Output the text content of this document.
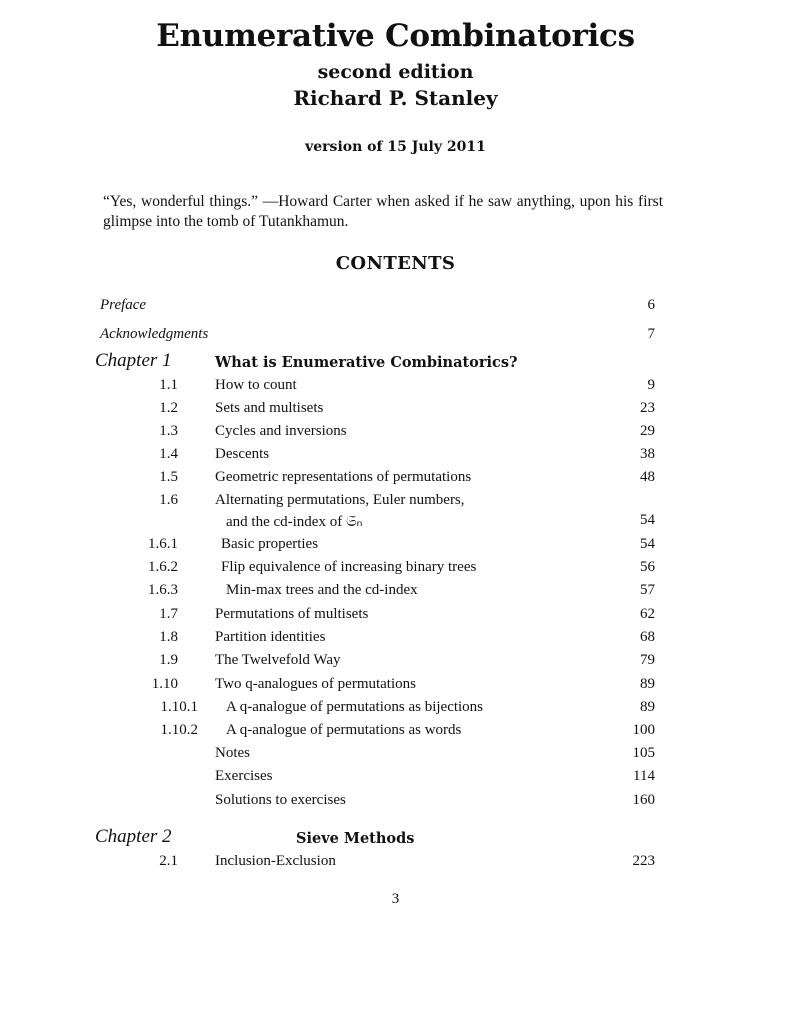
Enumerative Combinatorics
second edition
Richard P. Stanley
version of 15 July 2011
“Yes, wonderful things.” —Howard Carter when asked if he saw anything, upon his first glimpse into the tomb of Tutankhamun.
CONTENTS
Preface	6
Acknowledgments	7
Chapter 1	What is Enumerative Combinatorics?
1.1 How to count	9
1.2 Sets and multisets	23
1.3 Cycles and inversions	29
1.4 Descents	38
1.5 Geometric representations of permutations	48
1.6 Alternating permutations, Euler numbers,
and the cd-index of 𝔖ₙ	54
1.6.1	Basic properties	54
1.6.2	Flip equivalence of increasing binary trees	56
1.6.3	Min-max trees and the cd-index	57
1.7 Permutations of multisets	62
1.8 Partition identities	68
1.9 The Twelvefold Way	79
1.10 Two q-analogues of permutations	89
1.10.1 A q-analogue of permutations as bijections	89
1.10.2 A q-analogue of permutations as words	100
Notes	105
Exercises	114
Solutions to exercises	160
Chapter 2	Sieve Methods
2.1 Inclusion-Exclusion	223
3
